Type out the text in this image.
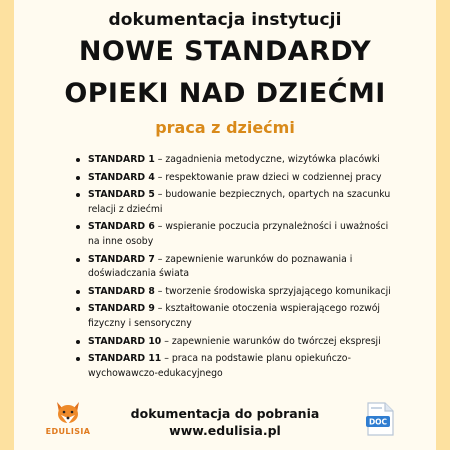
dokumentacja instytucji
NOWE STANDARDY
OPIEKI NAD DZIEĆMI
praca z dziećmi
STANDARD 1 – zagadnienia metodyczne, wizytówka placówki
STANDARD 4 – respektowanie praw dzieci w codziennej pracy
STANDARD 5 – budowanie bezpiecznych, opartych na szacunku relacji z dziećmi
STANDARD 6 – wspieranie poczucia przynależności i uważności  na inne osoby
STANDARD 7 – zapewnienie warunków do poznawania i doświadczania świata
STANDARD 8 – tworzenie środowiska sprzyjającego komunikacji
STANDARD 9 – kształtowanie otoczenia wspierającego rozwój fizyczny i sensoryczny
STANDARD 10 – zapewnienie warunków do twórczej ekspresji
STANDARD 11 – praca na podstawie planu opiekuńczo-wychowawczo-edukacyjnego
dokumentacja do pobrania
www.edulisia.pl
EDULISIA
DOC
